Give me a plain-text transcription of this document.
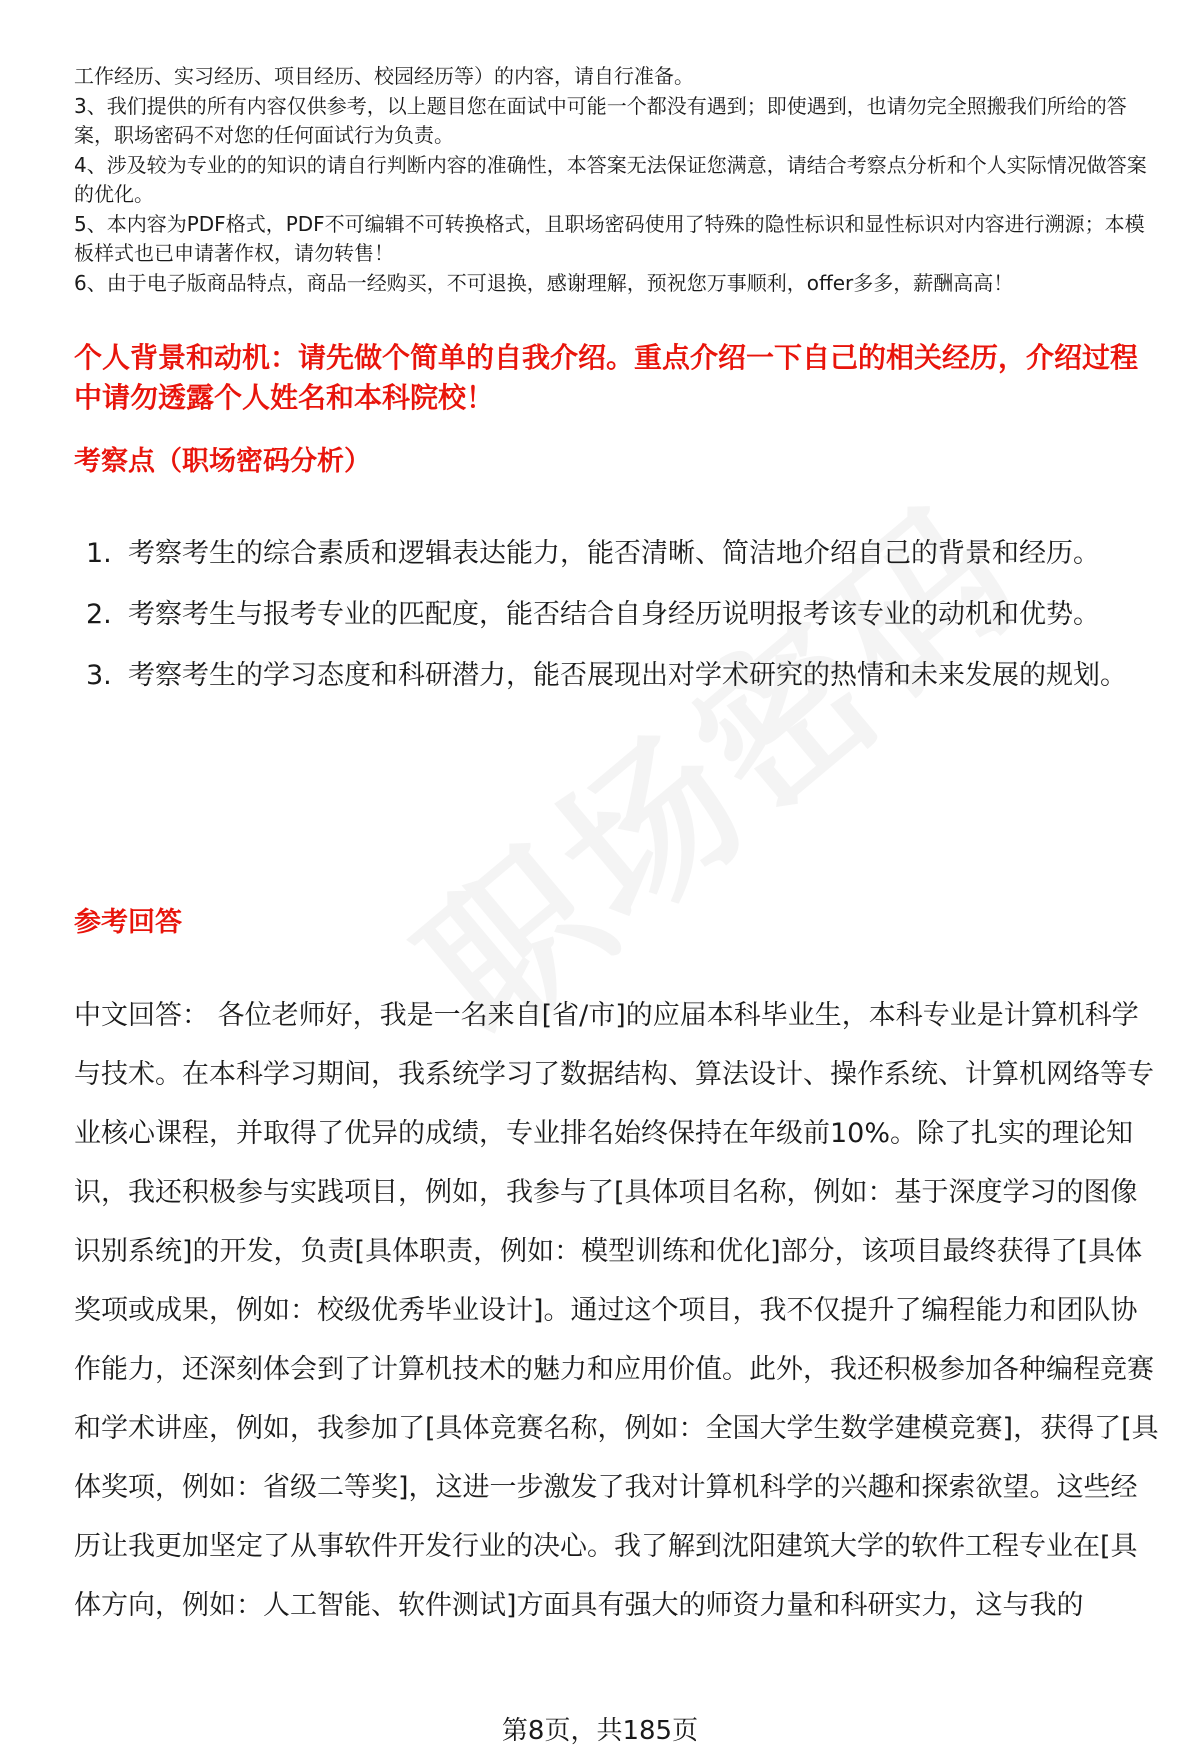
工作经历、实习经历、项目经历、校园经历等）的内容，请自行准备。

3、我们提供的所有内容仅供参考，以上题目您在面试中可能一个都没有遇到；即使遇到，也请勿完全照搬我们所给的答案，职场密码不对您的任何面试行为负责。

4、涉及较为专业的的知识的请自行判断内容的准确性，本答案无法保证您满意，请结合考察点分析和个人实际情况做答案的优化。

5、本内容为PDF格式，PDF不可编辑不可转换格式，且职场密码使用了特殊的隐性标识和显性标识对内容进行溯源；本模板样式也已申请著作权，请勿转售！

6、由于电子版商品特点，商品一经购买，不可退换，感谢理解，预祝您万事顺利，offer多多，薪酬高高！

个人背景和动机：请先做个简单的自我介绍。重点介绍一下自己的相关经历，介绍过程中请勿透露个人姓名和本科院校！
考察点（职场密码分析）
1. 考察考生的综合素质和逻辑表达能力，能否清晰、简洁地介绍自己的背景和经历。
2. 考察考生与报考专业的匹配度，能否结合自身经历说明报考该专业的动机和优势。
3. 考察考生的学习态度和科研潜力，能否展现出对学术研究的热情和未来发展的规划。
参考回答

中文回答： 各位老师好，我是一名来自[省/市]的应届本科毕业生，本科专业是计算机科学与技术。在本科学习期间，我系统学习了数据结构、算法设计、操作系统、计算机网络等专业核心课程，并取得了优异的成绩，专业排名始终保持在年级前10%。除了扎实的理论知识，我还积极参与实践项目，例如，我参与了[具体项目名称，例如：基于深度学习的图像识别系统]的开发，负责[具体职责，例如：模型训练和优化]部分，该项目最终获得了[具体奖项或成果，例如：校级优秀毕业设计]。通过这个项目，我不仅提升了编程能力和团队协作能力，还深刻体会到了计算机技术的魅力和应用价值。此外，我还积极参加各种编程竞赛和学术讲座，例如，我参加了[具体竞赛名称，例如：全国大学生数学建模竞赛]，获得了[具体奖项，例如：省级二等奖]，这进一步激发了我对计算机科学的兴趣和探索欲望。这些经历让我更加坚定了从事软件开发行业的决心。我了解到沈阳建筑大学的软件工程专业在[具体方向，例如：人工智能、软件测试]方面具有强大的师资力量和科研实力，这与我的

第8页，共185页
